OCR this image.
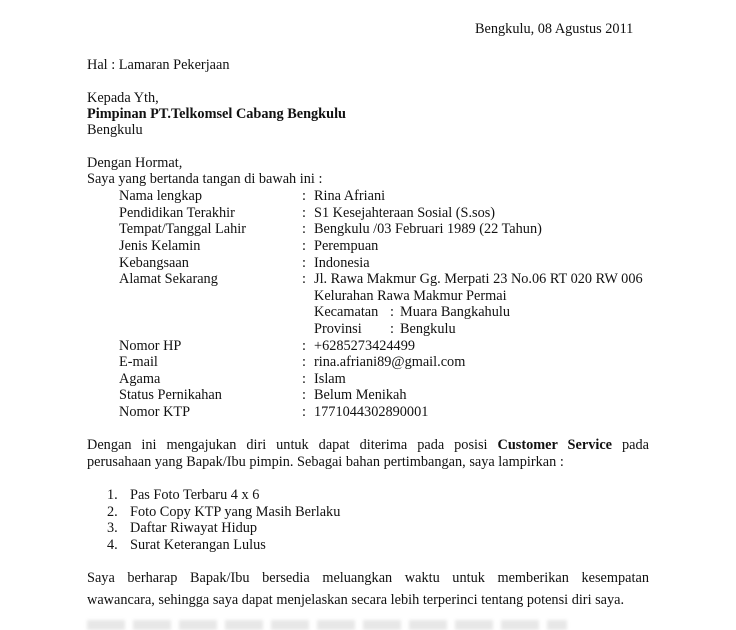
Bengkulu, 08 Agustus 2011
Hal : Lamaran Pekerjaan
Kepada Yth,
Pimpinan PT.Telkomsel Cabang Bengkulu
Bengkulu
Dengan Hormat,
Saya yang bertanda tangan di bawah ini :
Nama lengkap	: Rina Afriani
Pendidikan Terakhir	: S1 Kesejahteraan Sosial (S.sos)
Tempat/Tanggal Lahir	: Bengkulu /03 Februari 1989 (22 Tahun)
Jenis Kelamin	: Perempuan
Kebangsaan	: Indonesia
Alamat Sekarang	: Jl. Rawa Makmur Gg. Merpati 23 No.06 RT 020 RW 006
Kelurahan Rawa Makmur Permai
Kecamatan : Muara Bangkahulu
Provinsi : Bengkulu
Nomor HP	: +6285273424499
E-mail	: rina.afriani89@gmail.com
Agama	: Islam
Status Pernikahan	: Belum Menikah
Nomor KTP	: 1771044302890001
Dengan ini mengajukan diri untuk dapat diterima pada posisi Customer Service pada
perusahaan yang Bapak/Ibu pimpin. Sebagai bahan pertimbangan, saya lampirkan :
1. Pas Foto Terbaru 4 x 6
2. Foto Copy KTP yang Masih Berlaku
3. Daftar Riwayat Hidup
4. Surat Keterangan Lulus
Saya berharap Bapak/Ibu bersedia meluangkan waktu untuk memberikan kesempatan
wawancara, sehingga saya dapat menjelaskan secara lebih terperinci tentang potensi diri saya.
